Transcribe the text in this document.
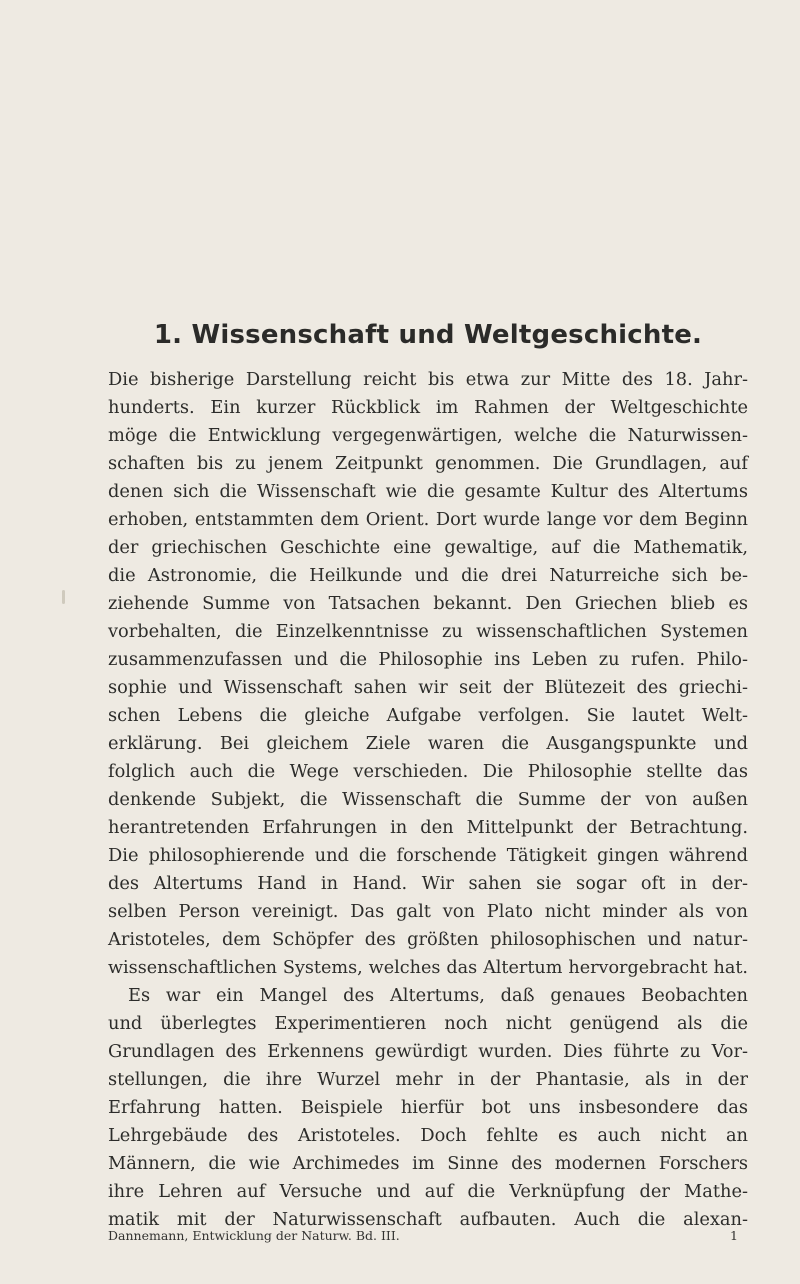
1. Wissenschaft und Weltgeschichte.
Die bisherige Darstellung reicht bis etwa zur Mitte des 18. Jahr-
hunderts. Ein kurzer Rückblick im Rahmen der Weltgeschichte
möge die Entwicklung vergegenwärtigen, welche die Naturwissen-
schaften bis zu jenem Zeitpunkt genommen. Die Grundlagen, auf
denen sich die Wissenschaft wie die gesamte Kultur des Altertums
erhoben, entstammten dem Orient. Dort wurde lange vor dem Beginn
der griechischen Geschichte eine gewaltige, auf die Mathematik,
die Astronomie, die Heilkunde und die drei Naturreiche sich be-
ziehende Summe von Tatsachen bekannt. Den Griechen blieb es
vorbehalten, die Einzelkenntnisse zu wissenschaftlichen Systemen
zusammenzufassen und die Philosophie ins Leben zu rufen. Philo-
sophie und Wissenschaft sahen wir seit der Blütezeit des griechi-
schen Lebens die gleiche Aufgabe verfolgen. Sie lautet Welt-
erklärung. Bei gleichem Ziele waren die Ausgangspunkte und
folglich auch die Wege verschieden. Die Philosophie stellte das
denkende Subjekt, die Wissenschaft die Summe der von außen
herantretenden Erfahrungen in den Mittelpunkt der Betrachtung.
Die philosophierende und die forschende Tätigkeit gingen während
des Altertums Hand in Hand. Wir sahen sie sogar oft in der-
selben Person vereinigt. Das galt von Plato nicht minder als von
Aristoteles, dem Schöpfer des größten philosophischen und natur-
wissenschaftlichen Systems, welches das Altertum hervorgebracht hat.
Es war ein Mangel des Altertums, daß genaues Beobachten
und überlegtes Experimentieren noch nicht genügend als die
Grundlagen des Erkennens gewürdigt wurden. Dies führte zu Vor-
stellungen, die ihre Wurzel mehr in der Phantasie, als in der
Erfahrung hatten. Beispiele hierfür bot uns insbesondere das
Lehrgebäude des Aristoteles. Doch fehlte es auch nicht an
Männern, die wie Archimedes im Sinne des modernen Forschers
ihre Lehren auf Versuche und auf die Verknüpfung der Mathe-
matik mit der Naturwissenschaft aufbauten. Auch die alexan-
Dannemann, Entwicklung der Naturw. Bd. III.	1
